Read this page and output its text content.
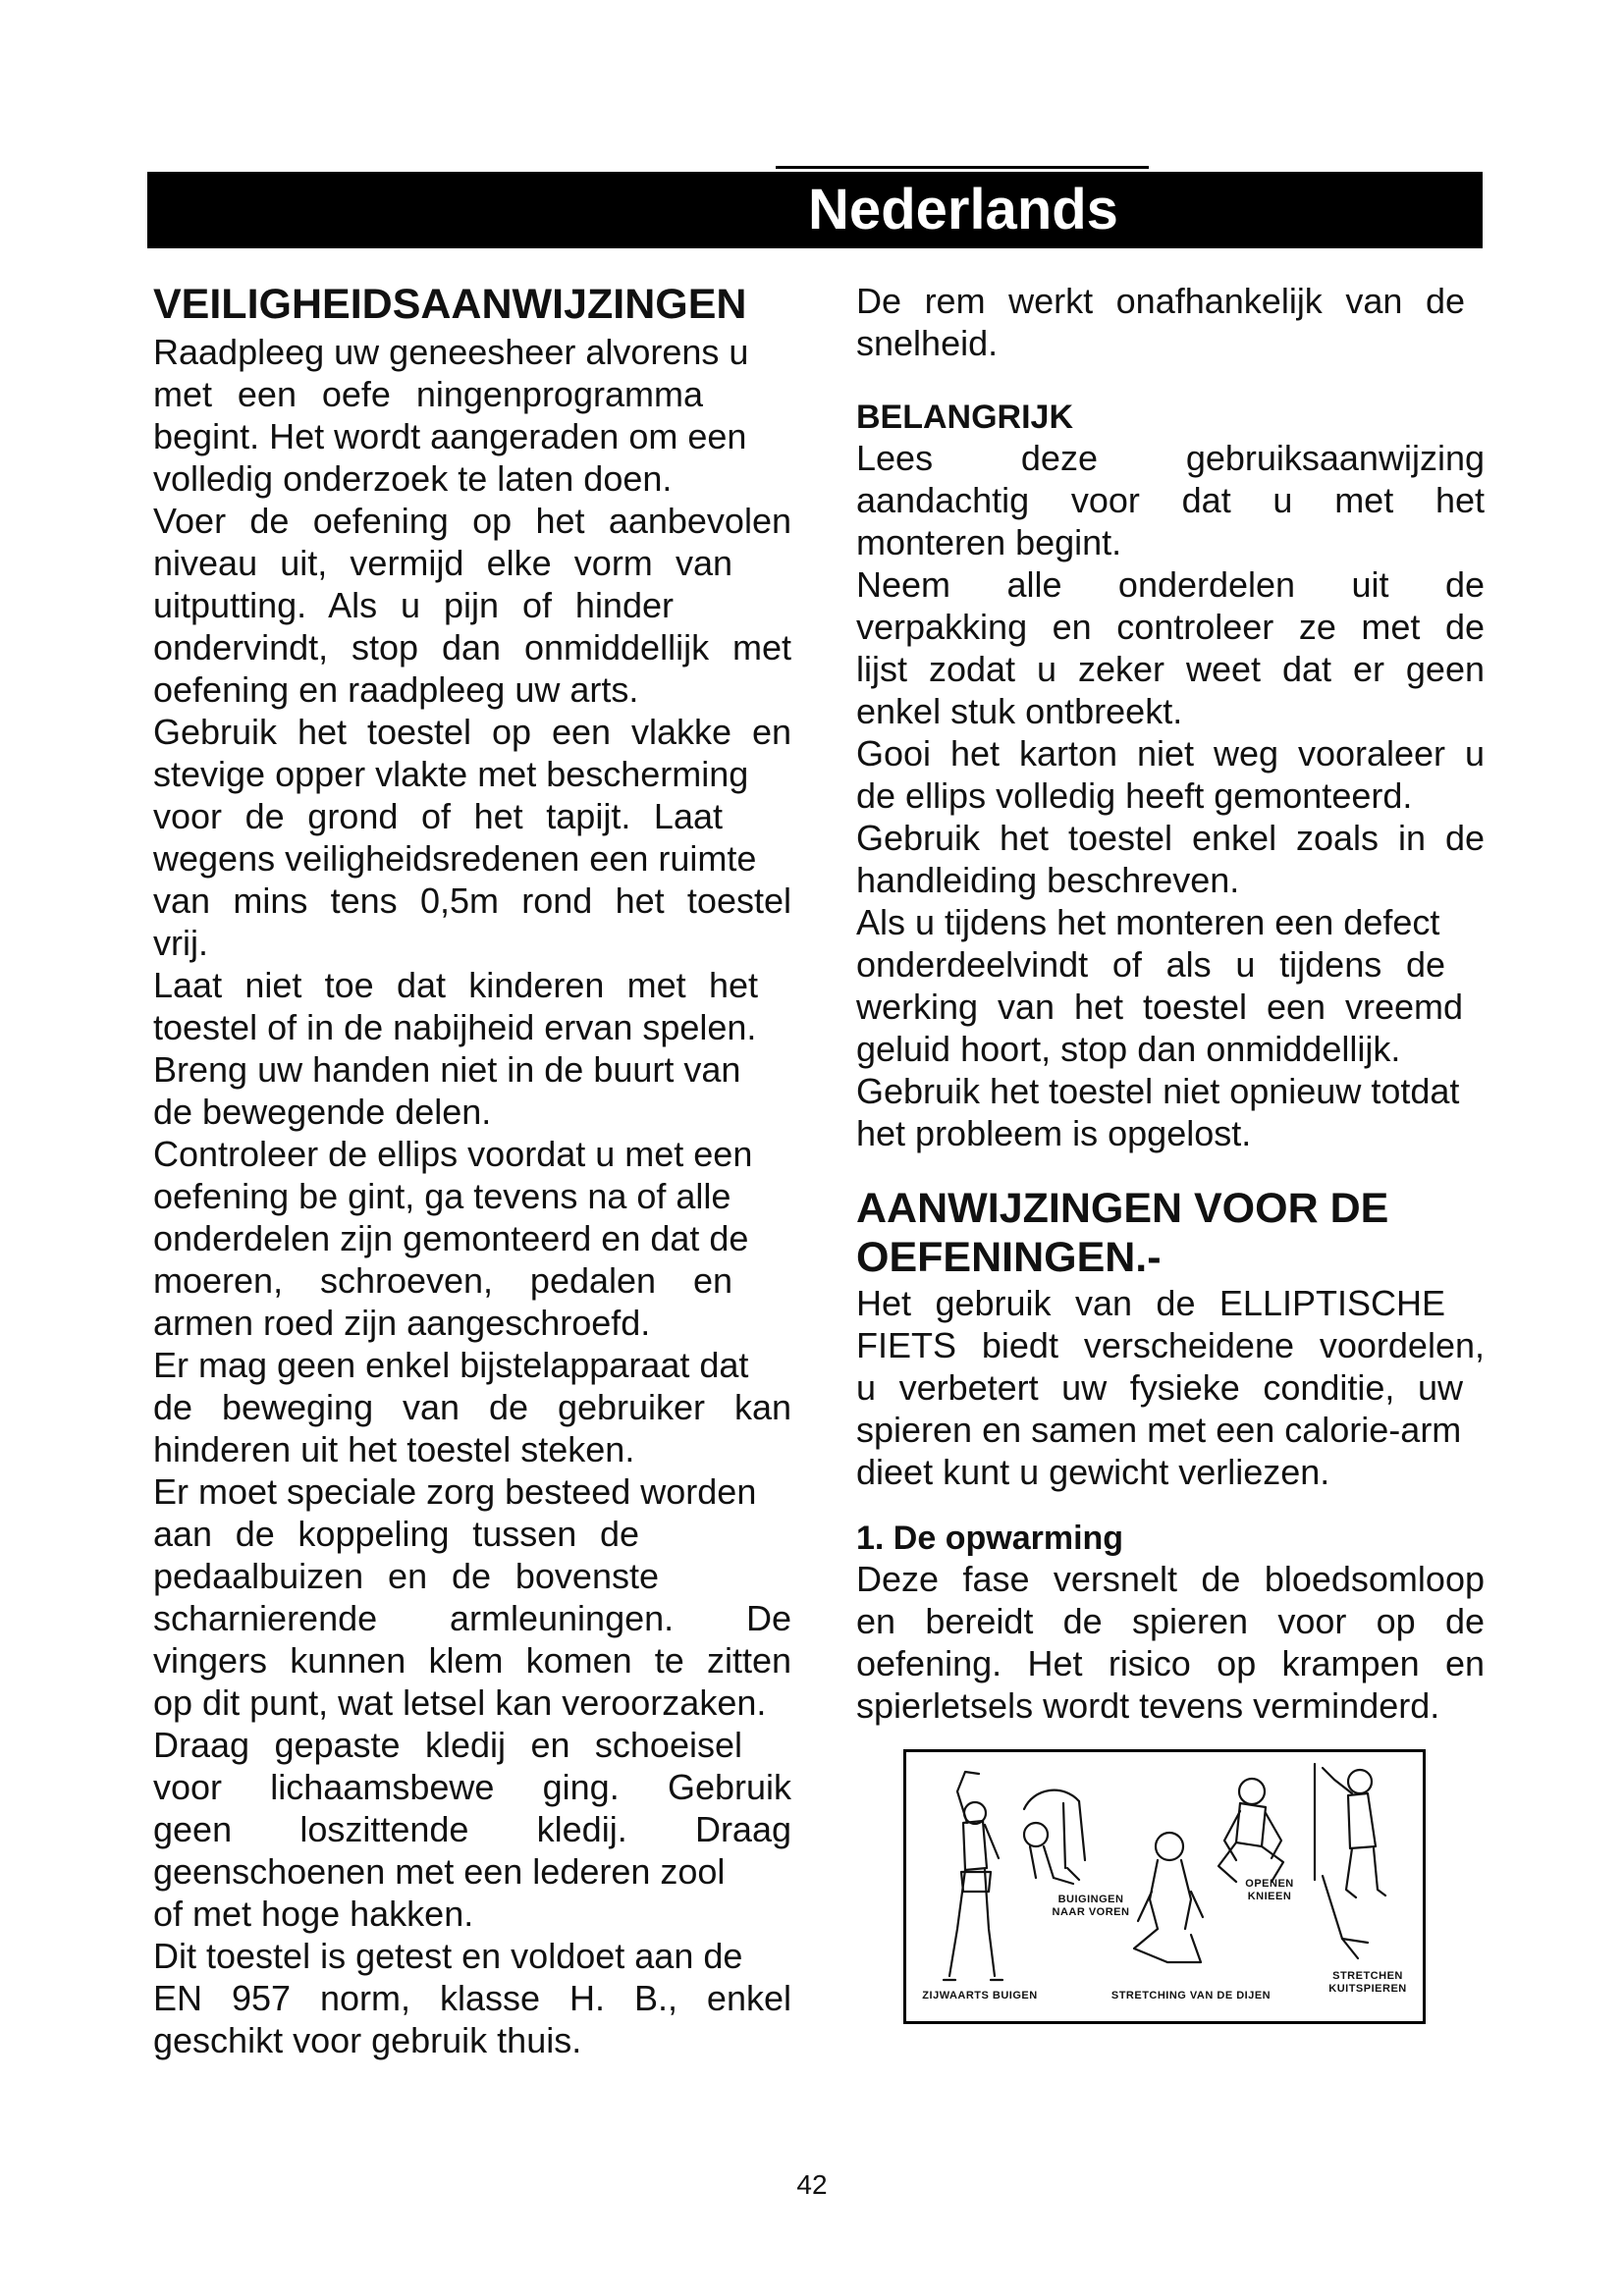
Nederlands
VEILIGHEIDSAANWIJZINGEN
Raadpleeg uw geneesheer alvorens u
met een oefe ningenprogramma
begint. Het wordt aangeraden om een
volledig onderzoek te laten doen.
Voer de oefening op het aanbevolen
niveau uit, vermijd elke vorm van
uitputting. Als u pijn of hinder
ondervindt, stop dan onmiddellijk met
oefening en raadpleeg uw arts.
Gebruik het toestel op een vlakke en
stevige opper vlakte met bescherming
voor de grond of het tapijt. Laat
wegens veiligheidsredenen een ruimte
van mins tens 0,5m rond het toestel
vrij.
Laat niet toe dat kinderen met het
toestel of in de nabijheid ervan spelen.
Breng uw handen niet in de buurt van
de bewegende delen.
Controleer de ellips voordat u met een
oefening be gint, ga tevens na of alle
onderdelen zijn gemonteerd en dat de
moeren, schroeven, pedalen en
armen roed zijn aangeschroefd.
Er mag geen enkel bijstelapparaat dat
de beweging van de gebruiker kan
hinderen uit het toestel steken.
Er moet speciale zorg besteed worden
aan de koppeling tussen de
pedaalbuizen en de bovenste
scharnierende armleuningen. De
vingers kunnen klem komen te zitten
op dit punt, wat letsel kan veroorzaken.
Draag gepaste kledij en schoeisel
voor lichaamsbewe ging. Gebruik
geen loszittende kledij. Draag
geenschoenen met een lederen zool
of met hoge hakken.
Dit toestel is getest en voldoet aan de
EN 957 norm, klasse H. B., enkel
geschikt voor gebruik thuis.
De rem werkt onafhankelijk van de
snelheid.
BELANGRIJK
Lees deze gebruiksaanwijzing
aandachtig voor dat u met het
monteren begint.
Neem alle onderdelen uit de
verpakking en controleer ze met de
lijst zodat u zeker weet dat er geen
enkel stuk ontbreekt.
Gooi het karton niet weg vooraleer u
de ellips volledig heeft gemonteerd.
Gebruik het toestel enkel zoals in de
handleiding beschreven.
Als u tijdens het monteren een defect
onderdeelvindt of als u tijdens de
werking van het toestel een vreemd
geluid hoort, stop dan onmiddellijk.
Gebruik het toestel niet opnieuw totdat
het probleem is opgelost.
AANWIJZINGEN VOOR DE
OEFENINGEN.-
Het gebruik van de ELLIPTISCHE
FIETS biedt verscheidene voordelen,
u verbetert uw fysieke conditie, uw
spieren en samen met een calorie-arm
dieet kunt u gewicht verliezen.
1. De opwarming
Deze fase versnelt de bloedsomloop
en bereidt de spieren voor op de
oefening. Het risico op krampen en
spierletsels wordt tevens verminderd.
ZIJWAARTS BUIGEN
BUIGINGEN
NAAR VOREN
STRETCHING VAN DE DIJEN
OPENEN
KNIEEN
STRETCHEN
KUITSPIEREN
42
